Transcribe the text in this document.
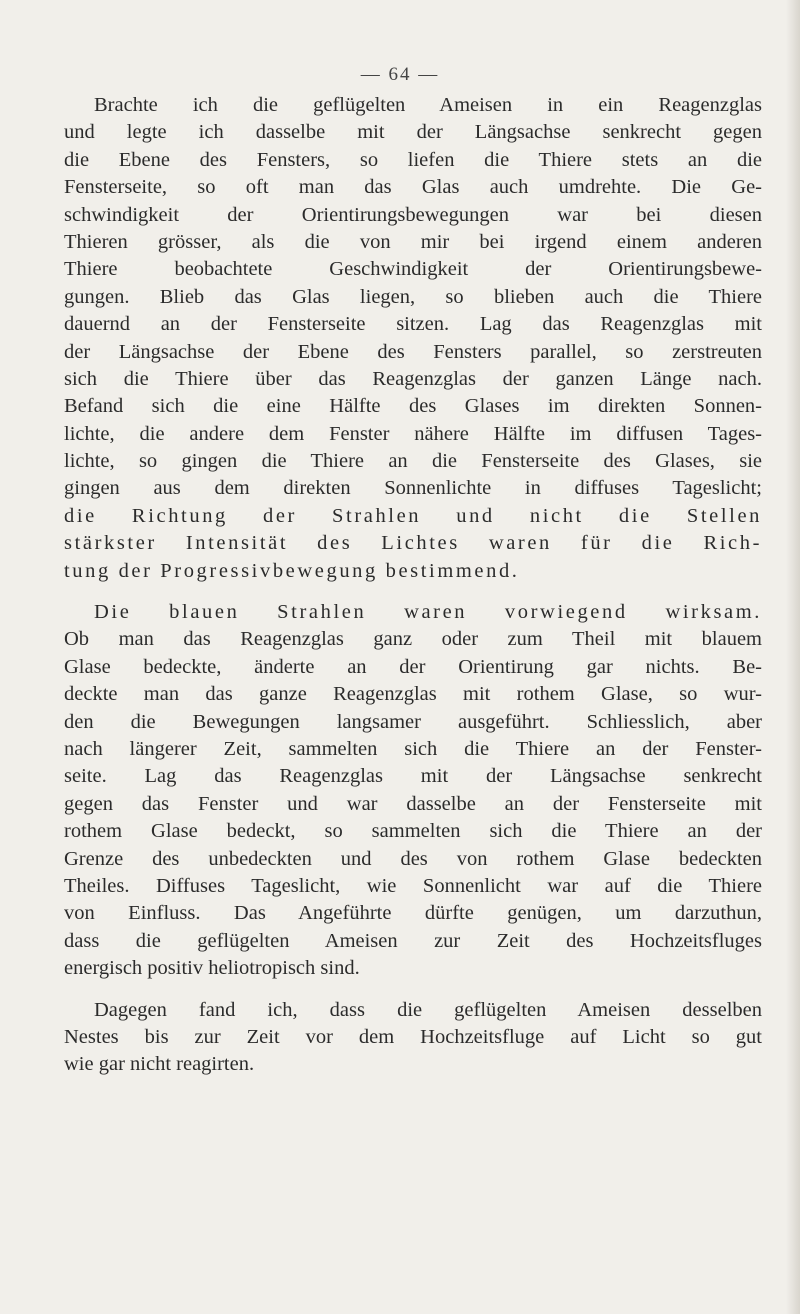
— 64 —
Brachte ich die geflügelten Ameisen in ein Reagenzglas
und legte ich dasselbe mit der Längsachse senkrecht gegen
die Ebene des Fensters, so liefen die Thiere stets an die
Fensterseite, so oft man das Glas auch umdrehte. Die Ge-
schwindigkeit der Orientirungsbewegungen war bei diesen
Thieren grösser, als die von mir bei irgend einem anderen
Thiere beobachtete Geschwindigkeit der Orientirungsbewe-
gungen. Blieb das Glas liegen, so blieben auch die Thiere
dauernd an der Fensterseite sitzen. Lag das Reagenzglas mit
der Längsachse der Ebene des Fensters parallel, so zerstreuten
sich die Thiere über das Reagenzglas der ganzen Länge nach.
Befand sich die eine Hälfte des Glases im direkten Sonnen-
lichte, die andere dem Fenster nähere Hälfte im diffusen Tages-
lichte, so gingen die Thiere an die Fensterseite des Glases, sie
gingen aus dem direkten Sonnenlichte in diffuses Tageslicht;
die Richtung der Strahlen und nicht die Stellen
stärkster Intensität des Lichtes waren für die Rich-
tung der Progressivbewegung bestimmend.
Die blauen Strahlen waren vorwiegend wirksam.
Ob man das Reagenzglas ganz oder zum Theil mit blauem
Glase bedeckte, änderte an der Orientirung gar nichts. Be-
deckte man das ganze Reagenzglas mit rothem Glase, so wur-
den die Bewegungen langsamer ausgeführt. Schliesslich, aber
nach längerer Zeit, sammelten sich die Thiere an der Fenster-
seite. Lag das Reagenzglas mit der Längsachse senkrecht
gegen das Fenster und war dasselbe an der Fensterseite mit
rothem Glase bedeckt, so sammelten sich die Thiere an der
Grenze des unbedeckten und des von rothem Glase bedeckten
Theiles. Diffuses Tageslicht, wie Sonnenlicht war auf die Thiere
von Einfluss. Das Angeführte dürfte genügen, um darzuthun,
dass die geflügelten Ameisen zur Zeit des Hochzeitsfluges
energisch positiv heliotropisch sind.
Dagegen fand ich, dass die geflügelten Ameisen desselben
Nestes bis zur Zeit vor dem Hochzeitsfluge auf Licht so gut
wie gar nicht reagirten.
